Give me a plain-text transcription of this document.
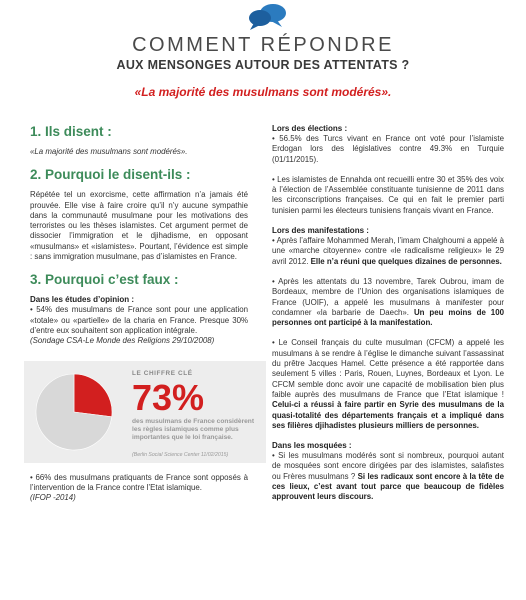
COMMENT RÉPONDRE
AUX MENSONGES AUTOUR DES ATTENTATS ?
«La majorité des musulmans sont modérés».
1. Ils disent :

«La majorité des musulmans sont modérés».

2. Pourquoi le disent-ils :

Répétée tel un exorcisme, cette affirmation n’a jamais été prouvée. Elle vise à faire croire qu’il n’y aucune sympathie dans la communauté musulmane pour les motivations des terroristes ou les thèses islamistes. Cet argument permet de dissocier l’immigration et le djihadisme, en opposant «musulmans» et «islamistes». Pourtant, l’évidence est simple : sans immigration musulmane, pas d’islamistes en France.

3. Pourquoi c’est faux :
Dans les études d’opinion :

• 54% des musulmans de France sont pour une application «totale» ou «partielle» de la charia en France. Presque 30% d’entre eux souhaitent son application intégrale.

(Sondage CSA-Le Monde des Religions 29/10/2008)

LE CHIFFRE CLÉ
73%
des musulmans de France considèrent les règles islamiques comme plus importantes que le loi française.
(Berlin Social Science Center 11/02/2015)

• 66% des musulmans pratiquants de France sont opposés à l’intervention de la France contre l’Etat islamique.

(IFOP -2014)

Lors des élections :

• 56.5% des Turcs vivant en France ont voté pour l’islamiste Erdogan lors des législatives contre 49.3% en Turquie (01/11/2015).

• Les islamistes de Ennahda ont recueilli entre 30 et 35% des voix à l’élection de l’Assemblée constituante tunisienne de 2011 dans les circonscriptions françaises. Ce qui en fait le premier parti tunisien parmi les électeurs tunisiens français vivant en France.

Lors des manifestations :

• Après l’affaire Mohammed Merah, l’imam Chalghoumi a appelé à une «marche citoyenne» contre «le radicalisme religieux» le 29 avril 2012. Elle n’a réuni que quelques dizaines de personnes.

• Après les attentats du 13 novembre, Tarek Oubrou, imam de Bordeaux, membre de l’Union des organisations islamiques de France (UOIF), a appelé les musulmans à manifester pour condamner «la barbarie de Daech». Un peu moins de 100 personnes ont participé à la manifestation.

• Le Conseil français du culte musulman (CFCM) a appelé les musulmans à se rendre à l’église le dimanche suivant l’assassinat du prêtre Jacques Hamel. Cette présence a été rapportée dans seulement 5 villes : Paris, Rouen, Luynes, Bordeaux et Lyon. Le CFCM semble donc avoir une capacité de mobilisation bien plus faible auprès des musulmans de France que l’Etat islamique ! Celui-ci a réussi à faire partir en Syrie des musulmans de la quasi-totalité des départements français et a impliqué dans ses filières djihadistes plusieurs milliers de personnes.

Dans les mosquées :

• Si les musulmans modérés sont si nombreux, pourquoi autant de mosquées sont encore dirigées par des islamistes, salafistes ou Frères musulmans ? Si les radicaux sont encore à la tête de ces lieux, c’est avant tout parce que beaucoup de fidèles approuvent leurs discours.
